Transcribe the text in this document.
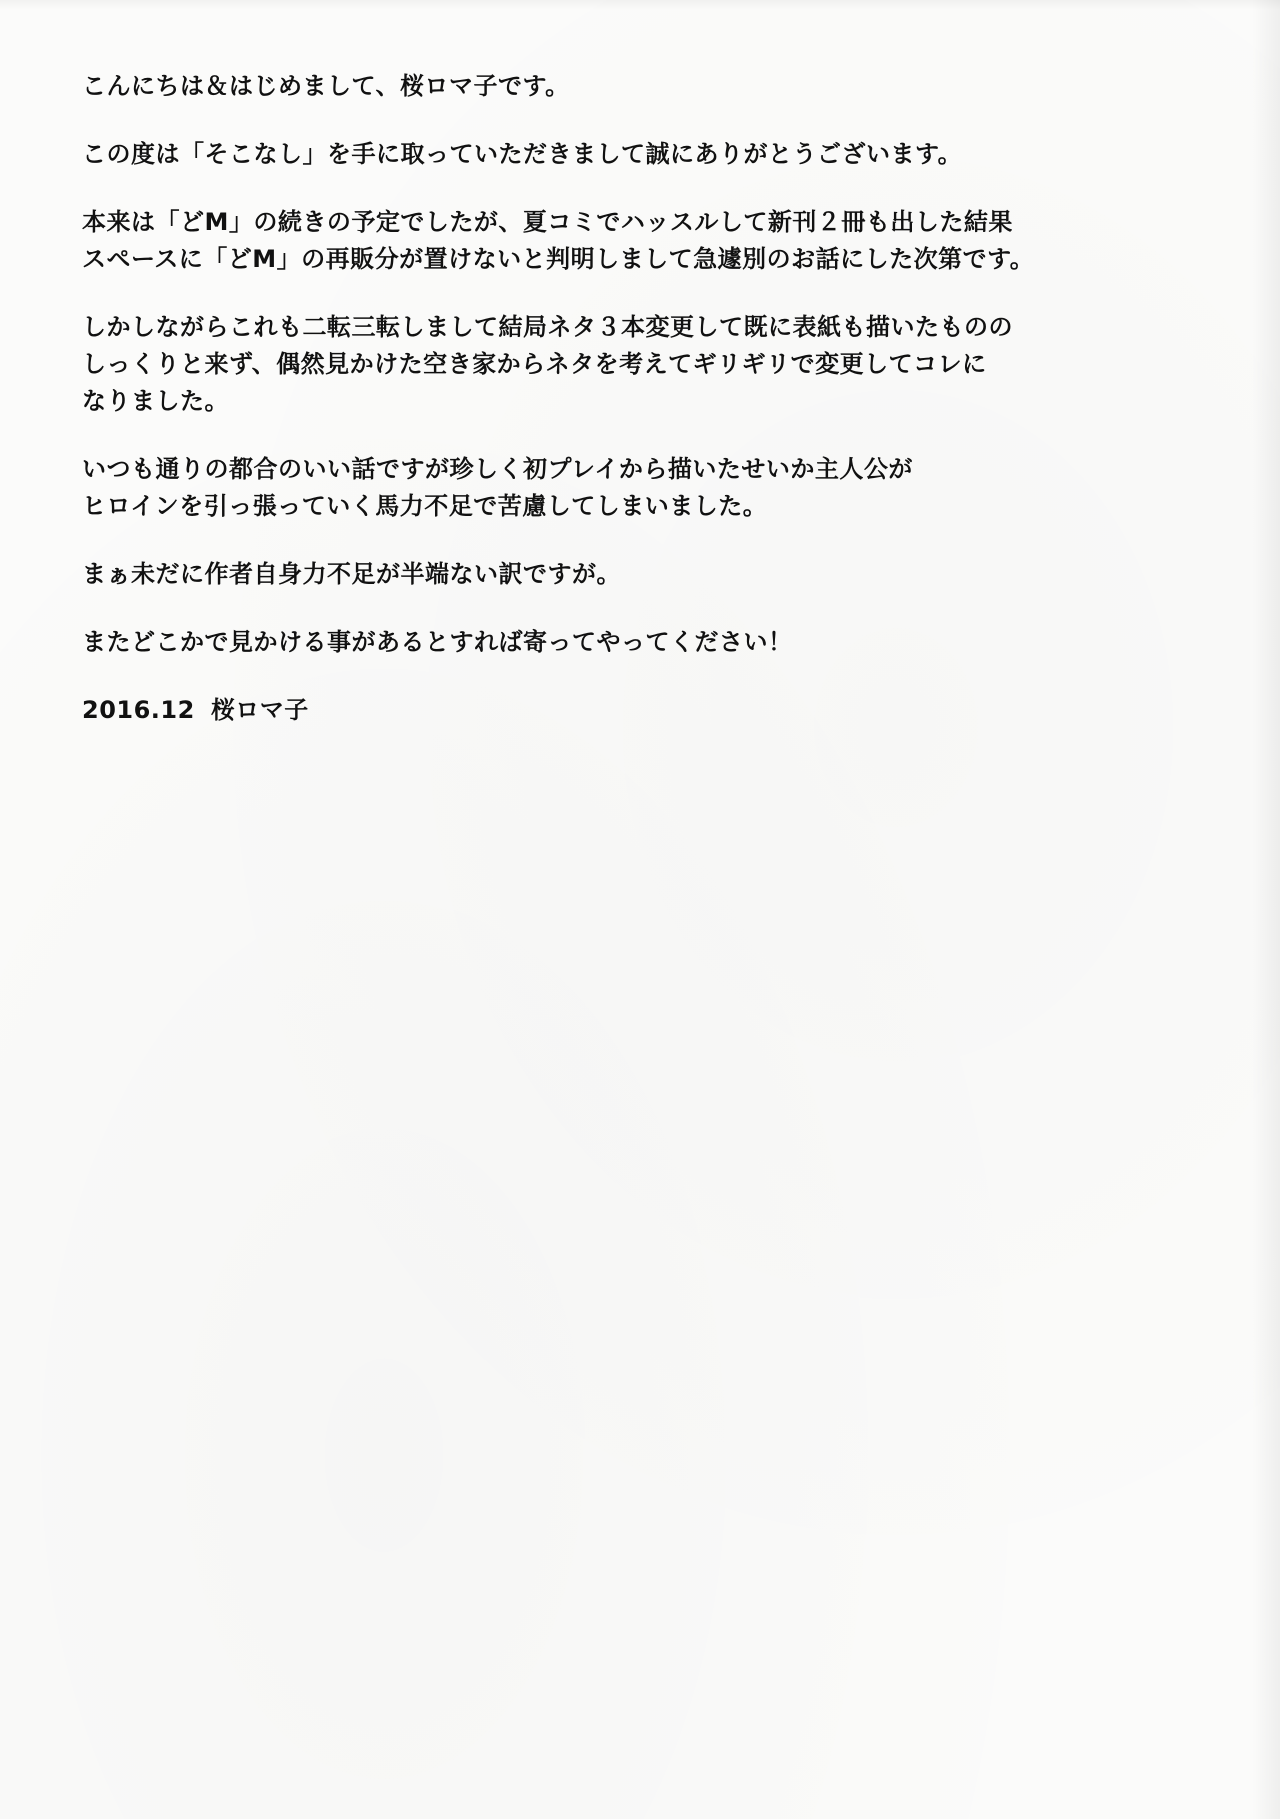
こんにちは＆はじめまして、桜ロマ子です。

この度は「そこなし」を手に取っていただきまして誠にありがとうございます。

本来は「どM」の続きの予定でしたが、夏コミでハッスルして新刊２冊も出した結果
スペースに「どM」の再販分が置けないと判明しまして急遽別のお話にした次第です。

しかしながらこれも二転三転しまして結局ネタ３本変更して既に表紙も描いたものの
しっくりと来ず、偶然見かけた空き家からネタを考えてギリギリで変更してコレに
なりました。

いつも通りの都合のいい話ですが珍しく初プレイから描いたせいか主人公が
ヒロインを引っ張っていく馬力不足で苦慮してしまいました。

まぁ未だに作者自身力不足が半端ない訳ですが。

またどこかで見かける事があるとすれば寄ってやってください！

2016.12 桜ロマ子
